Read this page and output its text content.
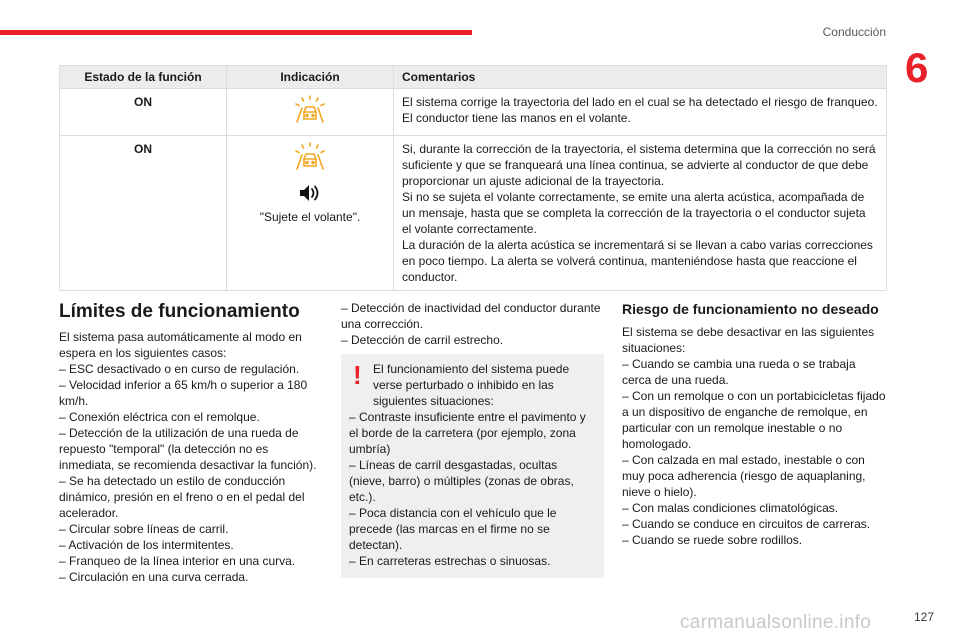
Conducción
6
Estado de la función	Indicación	Comentarios
ON		El sistema corrige la trayectoria del lado en el cual se ha detectado el riesgo de franqueo.
El conductor tiene las manos en el volante.

ON	"Sujete el volante".	Si, durante la corrección de la trayectoria, el sistema determina que la corrección no será suficiente y que se franqueará una línea continua, se advierte al conductor de que debe proporcionar un ajuste adicional de la trayectoria.
Si no se sujeta el volante correctamente, se emite una alerta acústica, acompañada de un mensaje, hasta que se completa la corrección de la trayectoria o el conductor sujeta el volante correctamente.
La duración de la alerta acústica se incrementará si se llevan a cabo varias correcciones en poco tiempo. La alerta se volverá continua, manteniéndose hasta que reaccione el conductor.
Límites de funcionamiento

El sistema pasa automáticamente al modo en espera en los siguientes casos:

– ESC desactivado o en curso de regulación.

– Velocidad inferior a 65 km/h o superior a 180 km/h.

– Conexión eléctrica con el remolque.

– Detección de la utilización de una rueda de repuesto "temporal" (la detección no es inmediata, se recomienda desactivar la función).

– Se ha detectado un estilo de conducción dinámico, presión en el freno o en el pedal del acelerador.

– Circular sobre líneas de carril.

– Activación de los intermitentes.

– Franqueo de la línea interior en una curva.

– Circulación en una curva cerrada.

– Detección de inactividad del conductor durante una corrección.

– Detección de carril estrecho.

! El funcionamiento del sistema puede verse perturbado o inhibido en las siguientes situaciones:

– Contraste insuficiente entre el pavimento y el borde de la carretera (por ejemplo, zona umbría)

– Líneas de carril desgastadas, ocultas (nieve, barro) o múltiples (zonas de obras, etc.).

– Poca distancia con el vehículo que le precede (las marcas en el firme no se detectan).

– En carreteras estrechas o sinuosas.

Riesgo de funcionamiento no deseado

El sistema se debe desactivar en las siguientes situaciones:

– Cuando se cambia una rueda o se trabaja cerca de una rueda.

– Con un remolque o con un portabicicletas fijado a un dispositivo de enganche de remolque, en particular con un remolque inestable o no homologado.

– Con calzada en mal estado, inestable o con muy poca adherencia (riesgo de aquaplaning, nieve o hielo).

– Con malas condiciones climatológicas.

– Cuando se conduce en circuitos de carreras.

– Cuando se ruede sobre rodillos.

carmanualsonline.info	127
